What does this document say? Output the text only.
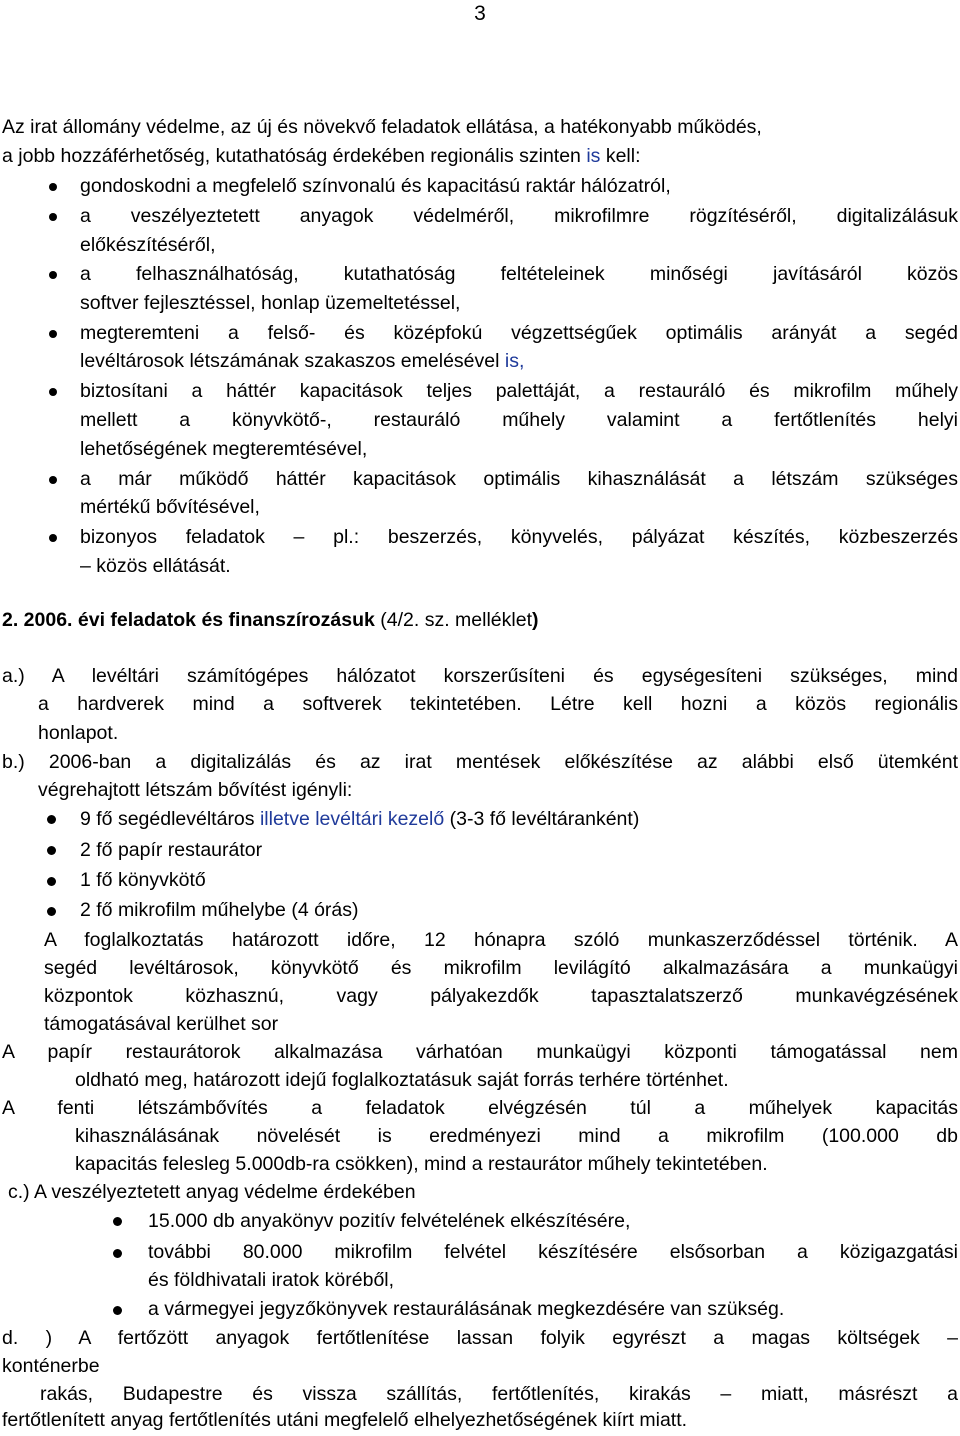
3
Az irat állomány védelme, az új és növekvő feladatok ellátása, a hatékonyabb működés,
a jobb hozzáférhetőség, kutathatóság érdekében regionális szinten is kell:
gondoskodni a megfelelő színvonalú és kapacitású raktár hálózatról,
a veszélyeztetett anyagok védelméről, mikrofilmre rögzítéséről, digitalizálásuk
előkészítéséről,
a felhasználhatóság, kutathatóság feltételeinek minőségi javításáról közös
softver fejlesztéssel, honlap üzemeltetéssel,
megteremteni a felső- és középfokú végzettségűek optimális arányát a segéd
levéltárosok létszámának szakaszos emelésével is,
biztosítani a háttér kapacitások teljes palettáját, a restauráló és mikrofilm műhely
mellett a könyvkötő-, restauráló műhely valamint a fertőtlenítés helyi
lehetőségének megteremtésével,
a már működő háttér kapacitások optimális kihasználását a létszám szükséges
mértékű bővítésével,
bizonyos feladatok – pl.: beszerzés, könyvelés, pályázat készítés, közbeszerzés
– közös ellátását.
2. 2006. évi feladatok és finanszírozásuk (4/2. sz. melléklet)
a.) A levéltári számítógépes hálózatot korszerűsíteni és egységesíteni szükséges, mind
a hardverek mind a softverek tekintetében. Létre kell hozni a közös regionális
honlapot.
b.) 2006-ban a digitalizálás és az irat mentések előkészítése az alábbi első ütemként
végrehajtott létszám bővítést igényli:
9 fő segédlevéltáros illetve levéltári kezelő (3-3 fő levéltáranként)
2 fő papír restaurátor
1 fő könyvkötő
2 fő mikrofilm műhelybe (4 órás)
A foglalkoztatás határozott időre, 12 hónapra szóló munkaszerződéssel történik. A
segéd levéltárosok, könyvkötő és mikrofilm levilágító alkalmazására a munkaügyi
központok közhasznú, vagy pályakezdők tapasztalatszerző munkavégzésének
támogatásával kerülhet sor
A papír restaurátorok alkalmazása várhatóan munkaügyi központi támogatással nem
oldható meg, határozott idejű foglalkoztatásuk saját forrás terhére történhet.
A fenti létszámbővítés a feladatok elvégzésén túl a műhelyek kapacitás
kihasználásának növelését is eredményezi mind a mikrofilm (100.000 db
kapacitás felesleg 5.000db-ra csökken), mind a restaurátor műhely tekintetében.
c.) A veszélyeztetett anyag védelme érdekében
15.000 db anyakönyv pozitív felvételének elkészítésére,
további 80.000 mikrofilm felvétel készítésére elsősorban a közigazgatási
és földhivatali iratok köréből,
a vármegyei jegyzőkönyvek restaurálásának megkezdésére van szükség.
d. ) A fertőzött anyagok fertőtlenítése lassan folyik egyrészt a magas költségek –
konténerbe
rakás, Budapestre és vissza szállítás, fertőtlenítés, kirakás – miatt, másrészt a
fertőtlenített anyag fertőtlenítés utáni megfelelő elhelyezhetőségének kiírt miatt.
